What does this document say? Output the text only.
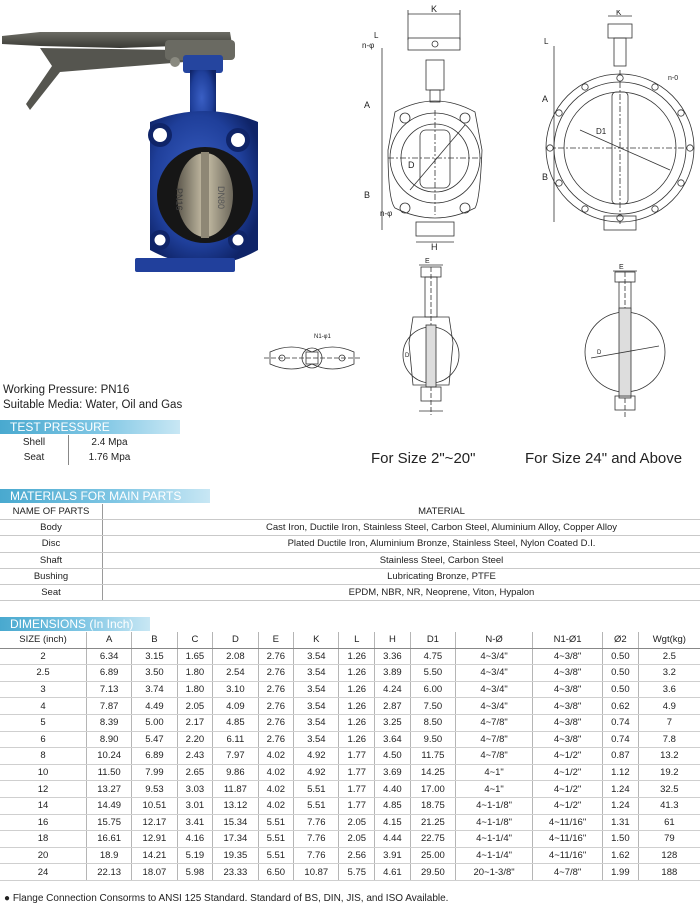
PN16	DN80
K
n-φ
L
A
B
D
n-φ
H
K
L
A
B
D1
n-0
E
D
E
D
N1-φ1
Working Pressure: PN16
Suitable Media: Water, Oil and Gas
For Size 2"~20"	For Size 24" and Above
TEST PRESSURE
Shell	2.4 Mpa
Seat	1.76 Mpa
MATERIALS FOR MAIN PARTS
NAME OF PARTS	MATERIAL
Body	Cast Iron, Ductile Iron, Stainless Steel, Carbon Steel, Aluminium Alloy, Copper Alloy
Disc	Plated Ductile Iron, Aluminium Bronze, Stainless Steel, Nylon Coated D.I.
Shaft	Stainless Steel, Carbon Steel
Bushing	Lubricating Bronze, PTFE
Seat	EPDM, NBR, NR, Neoprene, Viton, Hypalon
DIMENSIONS (In Inch)
SIZE (inch)	A	B	C	D	E	K	L	H	D1	N-Ø	N1-Ø1	Ø2	Wgt(kg)
2	6.34	3.15	1.65	2.08	2.76	3.54	1.26	3.36	4.75	4~3/4"	4~3/8"	0.50	2.5
2.5	6.89	3.50	1.80	2.54	2.76	3.54	1.26	3.89	5.50	4~3/4"	4~3/8"	0.50	3.2
3	7.13	3.74	1.80	3.10	2.76	3.54	1.26	4.24	6.00	4~3/4"	4~3/8"	0.50	3.6
4	7.87	4.49	2.05	4.09	2.76	3.54	1.26	2.87	7.50	4~3/4"	4~3/8"	0.62	4.9
5	8.39	5.00	2.17	4.85	2.76	3.54	1.26	3.25	8.50	4~7/8"	4~3/8"	0.74	7
6	8.90	5.47	2.20	6.11	2.76	3.54	1.26	3.64	9.50	4~7/8"	4~3/8"	0.74	7.8
8	10.24	6.89	2.43	7.97	4.02	4.92	1.77	4.50	11.75	4~7/8"	4~1/2"	0.87	13.2
10	11.50	7.99	2.65	9.86	4.02	4.92	1.77	3.69	14.25	4~1"	4~1/2"	1.12	19.2
12	13.27	9.53	3.03	11.87	4.02	5.51	1.77	4.40	17.00	4~1"	4~1/2"	1.24	32.5
14	14.49	10.51	3.01	13.12	4.02	5.51	1.77	4.85	18.75	4~1-1/8"	4~1/2"	1.24	41.3
16	15.75	12.17	3.41	15.34	5.51	7.76	2.05	4.15	21.25	4~1-1/8"	4~11/16"	1.31	61
18	16.61	12.91	4.16	17.34	5.51	7.76	2.05	4.44	22.75	4~1-1/4"	4~11/16"	1.50	79
20	18.9	14.21	5.19	19.35	5.51	7.76	2.56	3.91	25.00	4~1-1/4"	4~11/16"	1.62	128
24	22.13	18.07	5.98	23.33	6.50	10.87	5.75	4.61	29.50	20~1-3/8"	4~7/8"	1.99	188
● Flange Connection Consorms to ANSI 125 Standard. Standard of BS, DIN, JIS, and ISO Available.
